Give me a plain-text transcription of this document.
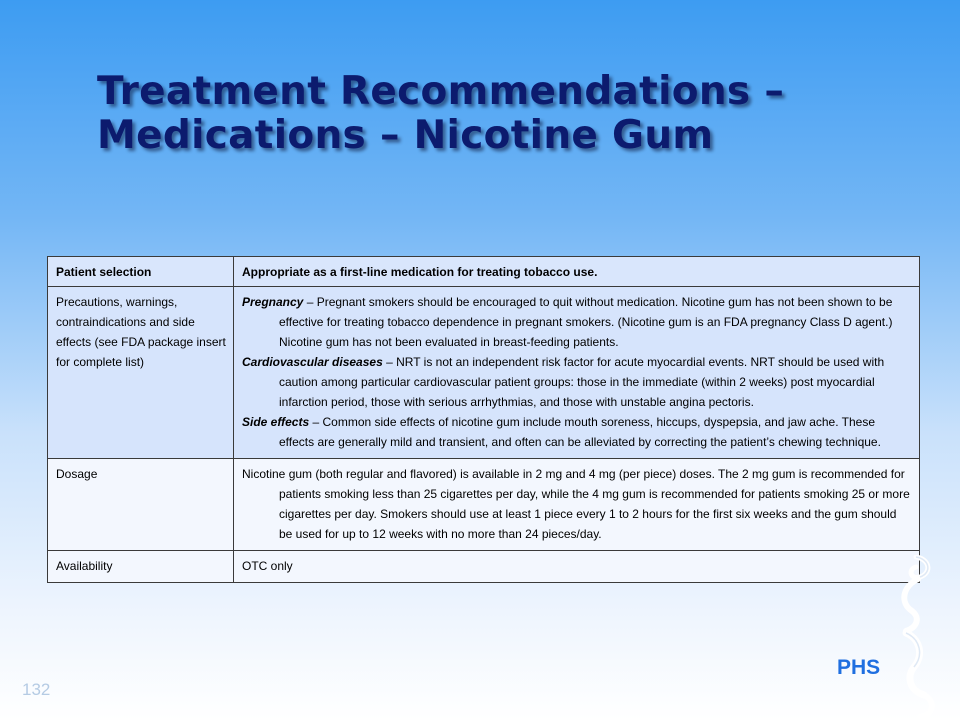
Treatment Recommendations –
Medications – Nicotine Gum
Patient selection	Appropriate as a first-line medication for treating tobacco use.
Precautions, warnings, contraindications and side effects (see FDA package insert for complete list)	Pregnancy – Pregnant smokers should be encouraged to quit without medication. Nicotine gum has not been shown to be effective for treating tobacco dependence in pregnant smokers. (Nicotine gum is an FDA pregnancy Class D agent.) Nicotine gum has not been evaluated in breast-feeding patients.
Cardiovascular diseases – NRT is not an independent risk factor for acute myocardial events. NRT should be used with caution among particular cardiovascular patient groups: those in the immediate (within 2 weeks) post myocardial infarction period, those with serious arrhythmias, and those with unstable angina pectoris.
Side effects – Common side effects of nicotine gum include mouth soreness, hiccups, dyspepsia, and jaw ache. These effects are generally mild and transient, and often can be alleviated by correcting the patient’s chewing technique.

Dosage	Nicotine gum (both regular and flavored) is available in 2 mg and 4 mg (per piece) doses. The 2 mg gum is recommended for patients smoking less than 25 cigarettes per day, while the 4 mg gum is recommended for patients smoking 25 or more cigarettes per day. Smokers should use at least 1 piece every 1 to 2 hours for the first six weeks and the gum should be used for up to 12 weeks with no more than 24 pieces/day.

Availability	OTC only
PHS
132
